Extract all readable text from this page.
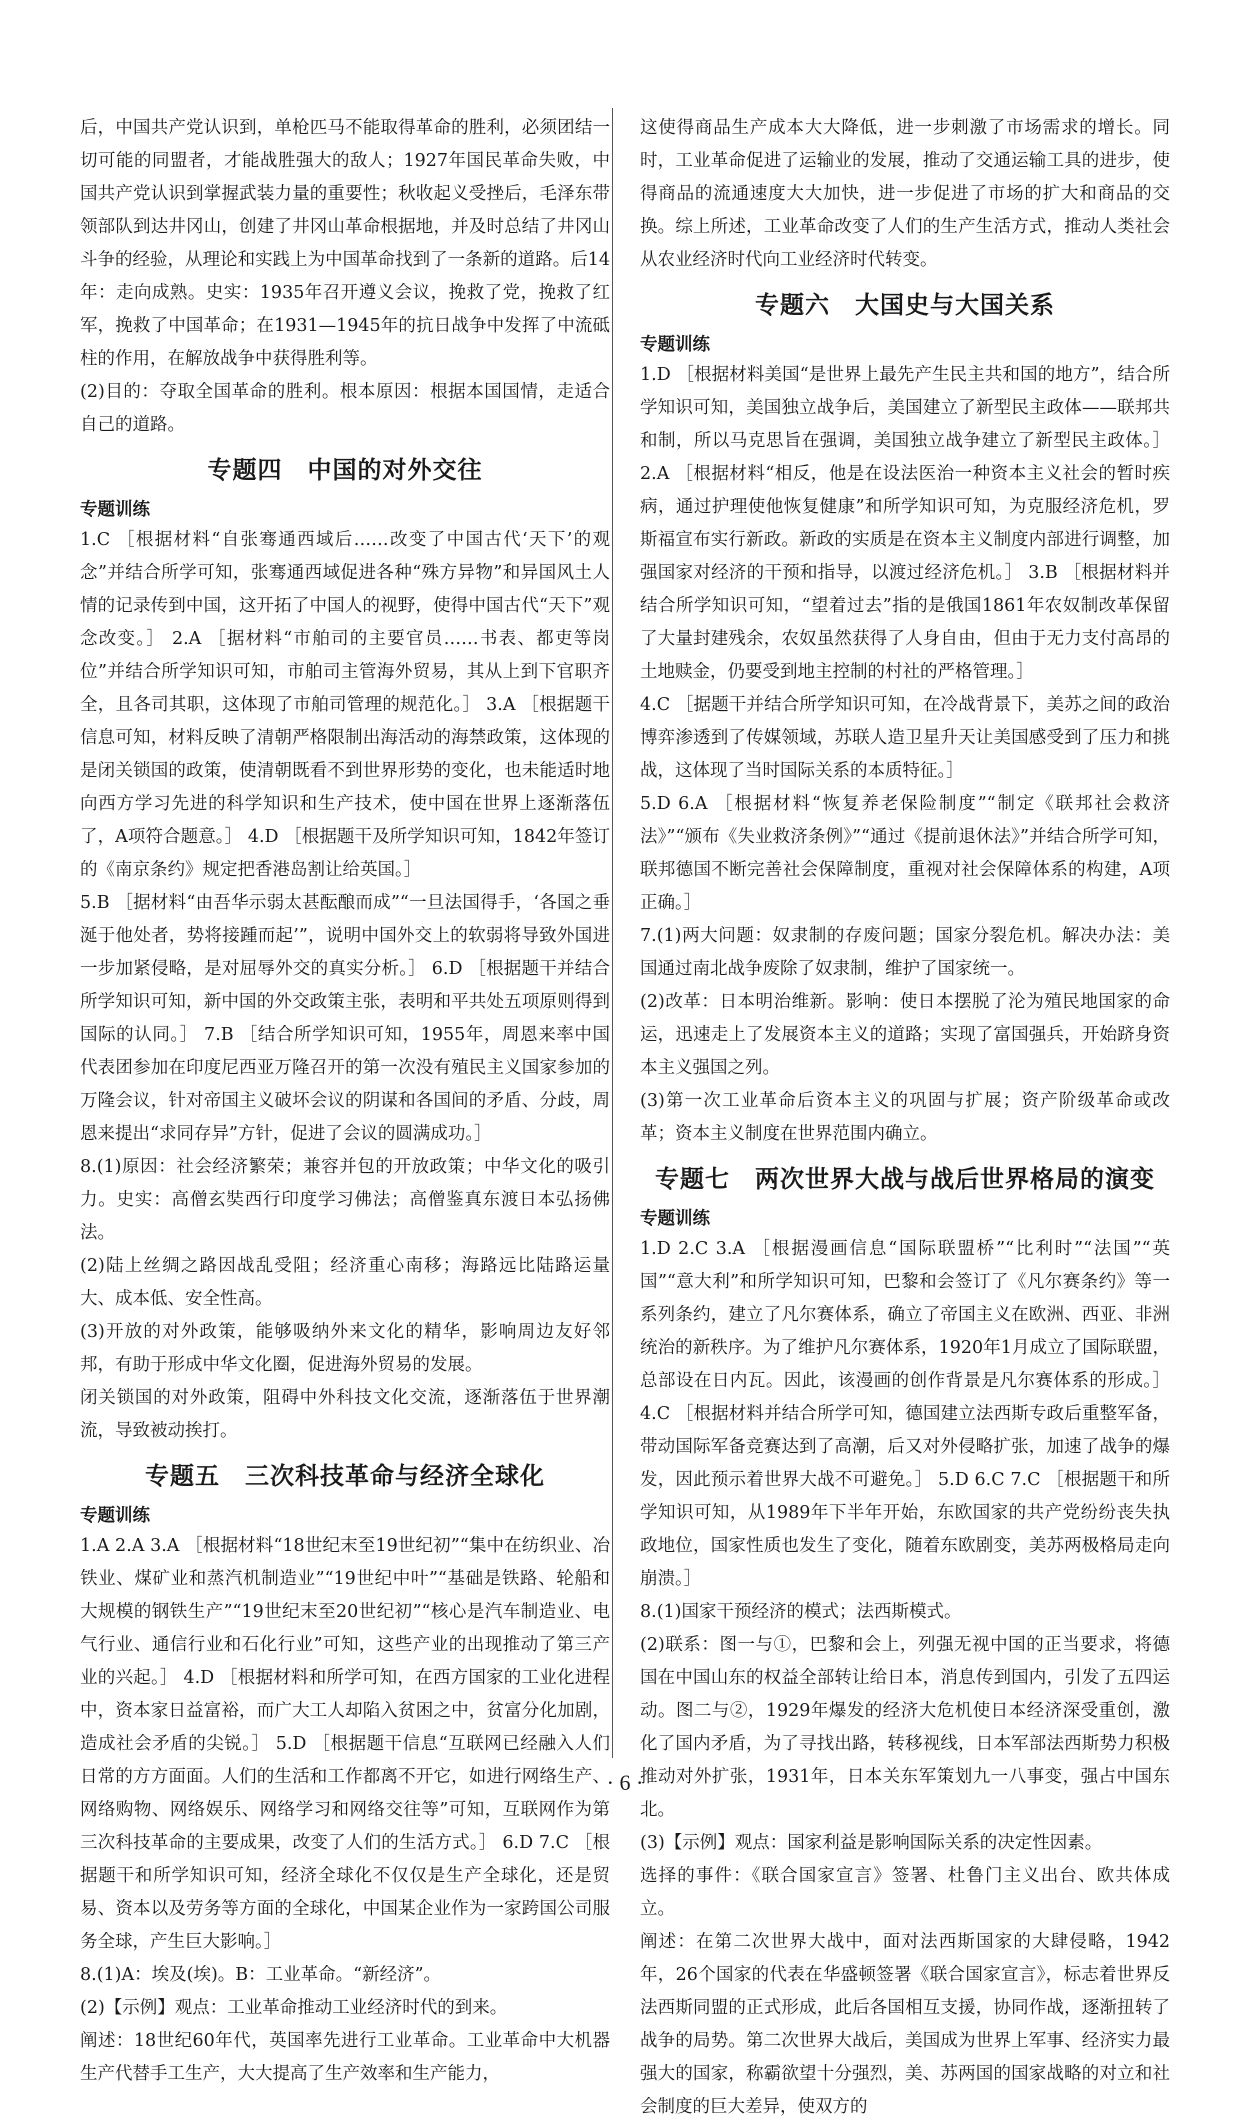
后，中国共产党认识到，单枪匹马不能取得革命的胜利，必须团结一切可能的同盟者，才能战胜强大的敌人；1927年国民革命失败，中国共产党认识到掌握武装力量的重要性；秋收起义受挫后，毛泽东带领部队到达井冈山，创建了井冈山革命根据地，并及时总结了井冈山斗争的经验，从理论和实践上为中国革命找到了一条新的道路。后14年：走向成熟。史实：1935年召开遵义会议，挽救了党，挽救了红军，挽救了中国革命；在1931—1945年的抗日战争中发挥了中流砥柱的作用，在解放战争中获得胜利等。

(2)目的：夺取全国革命的胜利。根本原因：根据本国国情，走适合自己的道路。

专题四　中国的对外交往
专题训练

1.C ［根据材料“自张骞通西域后……改变了中国古代‘天下’的观念”并结合所学可知，张骞通西域促进各种“殊方异物”和异国风土人情的记录传到中国，这开拓了中国人的视野，使得中国古代“天下”观念改变。］ 2.A ［据材料“市舶司的主要官员……书表、都吏等岗位”并结合所学知识可知，市舶司主管海外贸易，其从上到下官职齐全，且各司其职，这体现了市舶司管理的规范化。］ 3.A ［根据题干信息可知，材料反映了清朝严格限制出海活动的海禁政策，这体现的是闭关锁国的政策，使清朝既看不到世界形势的变化，也未能适时地向西方学习先进的科学知识和生产技术，使中国在世界上逐渐落伍了，A项符合题意。］ 4.D ［根据题干及所学知识可知，1842年签订的《南京条约》规定把香港岛割让给英国。］

5.B ［据材料“由吾华示弱太甚酝酿而成”“一旦法国得手，‘各国之垂涎于他处者，势将接踵而起’”，说明中国外交上的软弱将导致外国进一步加紧侵略，是对屈辱外交的真实分析。］ 6.D ［根据题干并结合所学知识可知，新中国的外交政策主张，表明和平共处五项原则得到国际的认同。］ 7.B ［结合所学知识可知，1955年，周恩来率中国代表团参加在印度尼西亚万隆召开的第一次没有殖民主义国家参加的万隆会议，针对帝国主义破坏会议的阴谋和各国间的矛盾、分歧，周恩来提出“求同存异”方针，促进了会议的圆满成功。］

8.(1)原因：社会经济繁荣；兼容并包的开放政策；中华文化的吸引力。史实：高僧玄奘西行印度学习佛法；高僧鉴真东渡日本弘扬佛法。

(2)陆上丝绸之路因战乱受阻；经济重心南移；海路远比陆路运量大、成本低、安全性高。

(3)开放的对外政策，能够吸纳外来文化的精华，影响周边友好邻邦，有助于形成中华文化圈，促进海外贸易的发展。

闭关锁国的对外政策，阻碍中外科技文化交流，逐渐落伍于世界潮流，导致被动挨打。

专题五　三次科技革命与经济全球化
专题训练

1.A 2.A 3.A ［根据材料“18世纪末至19世纪初”“集中在纺织业、冶铁业、煤矿业和蒸汽机制造业”“19世纪中叶”“基础是铁路、轮船和大规模的钢铁生产”“19世纪末至20世纪初”“核心是汽车制造业、电气行业、通信行业和石化行业”可知，这些产业的出现推动了第三产业的兴起。］ 4.D ［根据材料和所学可知，在西方国家的工业化进程中，资本家日益富裕，而广大工人却陷入贫困之中，贫富分化加剧，造成社会矛盾的尖锐。］ 5.D ［根据题干信息“互联网已经融入人们日常的方方面面。人们的生活和工作都离不开它，如进行网络生产、网络购物、网络娱乐、网络学习和网络交往等”可知，互联网作为第三次科技革命的主要成果，改变了人们的生活方式。］ 6.D 7.C ［根据题干和所学知识可知，经济全球化不仅仅是生产全球化，还是贸易、资本以及劳务等方面的全球化，中国某企业作为一家跨国公司服务全球，产生巨大影响。］

8.(1)A：埃及(埃)。B：工业革命。“新经济”。

(2)【示例】观点：工业革命推动工业经济时代的到来。

阐述：18世纪60年代，英国率先进行工业革命。工业革命中大机器生产代替手工生产，大大提高了生产效率和生产能力，

这使得商品生产成本大大降低，进一步刺激了市场需求的增长。同时，工业革命促进了运输业的发展，推动了交通运输工具的进步，使得商品的流通速度大大加快，进一步促进了市场的扩大和商品的交换。综上所述，工业革命改变了人们的生产生活方式，推动人类社会从农业经济时代向工业经济时代转变。

专题六　大国史与大国关系
专题训练

1.D ［根据材料美国“是世界上最先产生民主共和国的地方”，结合所学知识可知，美国独立战争后，美国建立了新型民主政体——联邦共和制，所以马克思旨在强调，美国独立战争建立了新型民主政体。］ 2.A ［根据材料“相反，他是在设法医治一种资本主义社会的暂时疾病，通过护理使他恢复健康”和所学知识可知，为克服经济危机，罗斯福宣布实行新政。新政的实质是在资本主义制度内部进行调整，加强国家对经济的干预和指导，以渡过经济危机。］ 3.B ［根据材料并结合所学知识可知，“望着过去”指的是俄国1861年农奴制改革保留了大量封建残余，农奴虽然获得了人身自由，但由于无力支付高昂的土地赎金，仍要受到地主控制的村社的严格管理。］

4.C ［据题干并结合所学知识可知，在冷战背景下，美苏之间的政治博弈渗透到了传媒领域，苏联人造卫星升天让美国感受到了压力和挑战，这体现了当时国际关系的本质特征。］

5.D 6.A ［根据材料“恢复养老保险制度”“制定《联邦社会救济法》”“颁布《失业救济条例》”“通过《提前退休法》”并结合所学可知，联邦德国不断完善社会保障制度，重视对社会保障体系的构建，A项正确。］

7.(1)两大问题：奴隶制的存废问题；国家分裂危机。解决办法：美国通过南北战争废除了奴隶制，维护了国家统一。

(2)改革：日本明治维新。影响：使日本摆脱了沦为殖民地国家的命运，迅速走上了发展资本主义的道路；实现了富国强兵，开始跻身资本主义强国之列。

(3)第一次工业革命后资本主义的巩固与扩展；资产阶级革命或改革；资本主义制度在世界范围内确立。

专题七　两次世界大战与战后世界格局的演变
专题训练

1.D 2.C 3.A ［根据漫画信息“国际联盟桥”“比利时”“法国”“英国”“意大利”和所学知识可知，巴黎和会签订了《凡尔赛条约》等一系列条约，建立了凡尔赛体系，确立了帝国主义在欧洲、西亚、非洲统治的新秩序。为了维护凡尔赛体系，1920年1月成立了国际联盟，总部设在日内瓦。因此，该漫画的创作背景是凡尔赛体系的形成。］ 4.C ［根据材料并结合所学可知，德国建立法西斯专政后重整军备，带动国际军备竞赛达到了高潮，后又对外侵略扩张，加速了战争的爆发，因此预示着世界大战不可避免。］ 5.D 6.C 7.C ［根据题干和所学知识可知，从1989年下半年开始，东欧国家的共产党纷纷丧失执政地位，国家性质也发生了变化，随着东欧剧变，美苏两极格局走向崩溃。］

8.(1)国家干预经济的模式；法西斯模式。

(2)联系：图一与①，巴黎和会上，列强无视中国的正当要求，将德国在中国山东的权益全部转让给日本，消息传到国内，引发了五四运动。图二与②，1929年爆发的经济大危机使日本经济深受重创，激化了国内矛盾，为了寻找出路，转移视线，日本军部法西斯势力积极推动对外扩张，1931年，日本关东军策划九一八事变，强占中国东北。

(3)【示例】观点：国家利益是影响国际关系的决定性因素。

选择的事件：《联合国家宣言》签署、杜鲁门主义出台、欧共体成立。

阐述：在第二次世界大战中，面对法西斯国家的大肆侵略，1942年，26个国家的代表在华盛顿签署《联合国家宣言》，标志着世界反法西斯同盟的正式形成，此后各国相互支援，协同作战，逐渐扭转了战争的局势。第二次世界大战后，美国成为世界上军事、经济实力最强大的国家，称霸欲望十分强烈，美、苏两国的国家战略的对立和社会制度的巨大差异，使双方的

· 6 ·
